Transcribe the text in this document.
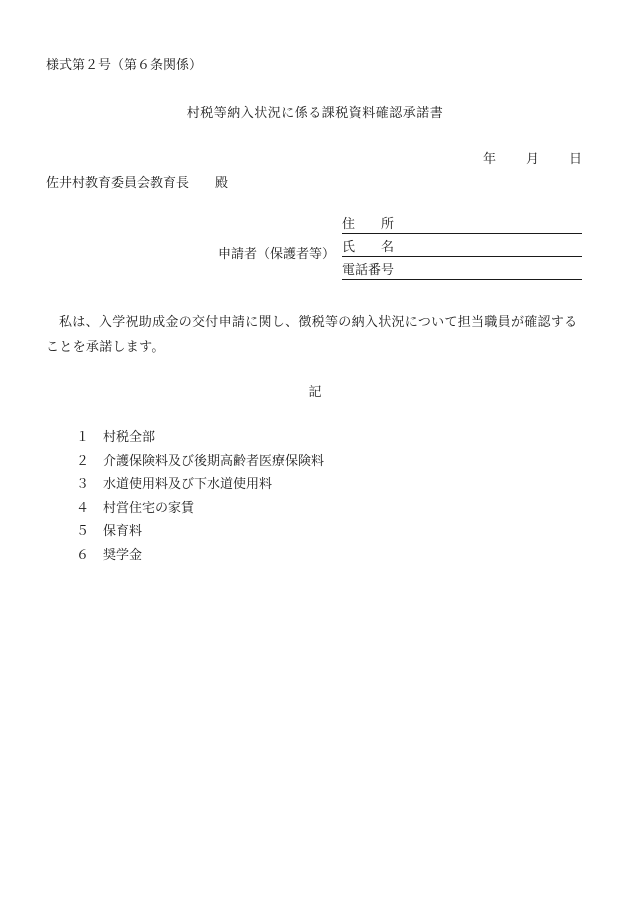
様式第２号（第６条関係）
村税等納入状況に係る課税資料確認承諾書
年 月 日
佐井村教育委員会教育長 殿
申請者（保護者等）
住　　所
氏　　名
電話番号
私は、入学祝助成金の交付申請に関し、徴税等の納入状況について担当職員が確認することを承諾します。
記
１ 村税全部
２ 介護保険料及び後期高齢者医療保険料
３ 水道使用料及び下水道使用料
４ 村営住宅の家賃
５ 保育料
６ 奨学金
